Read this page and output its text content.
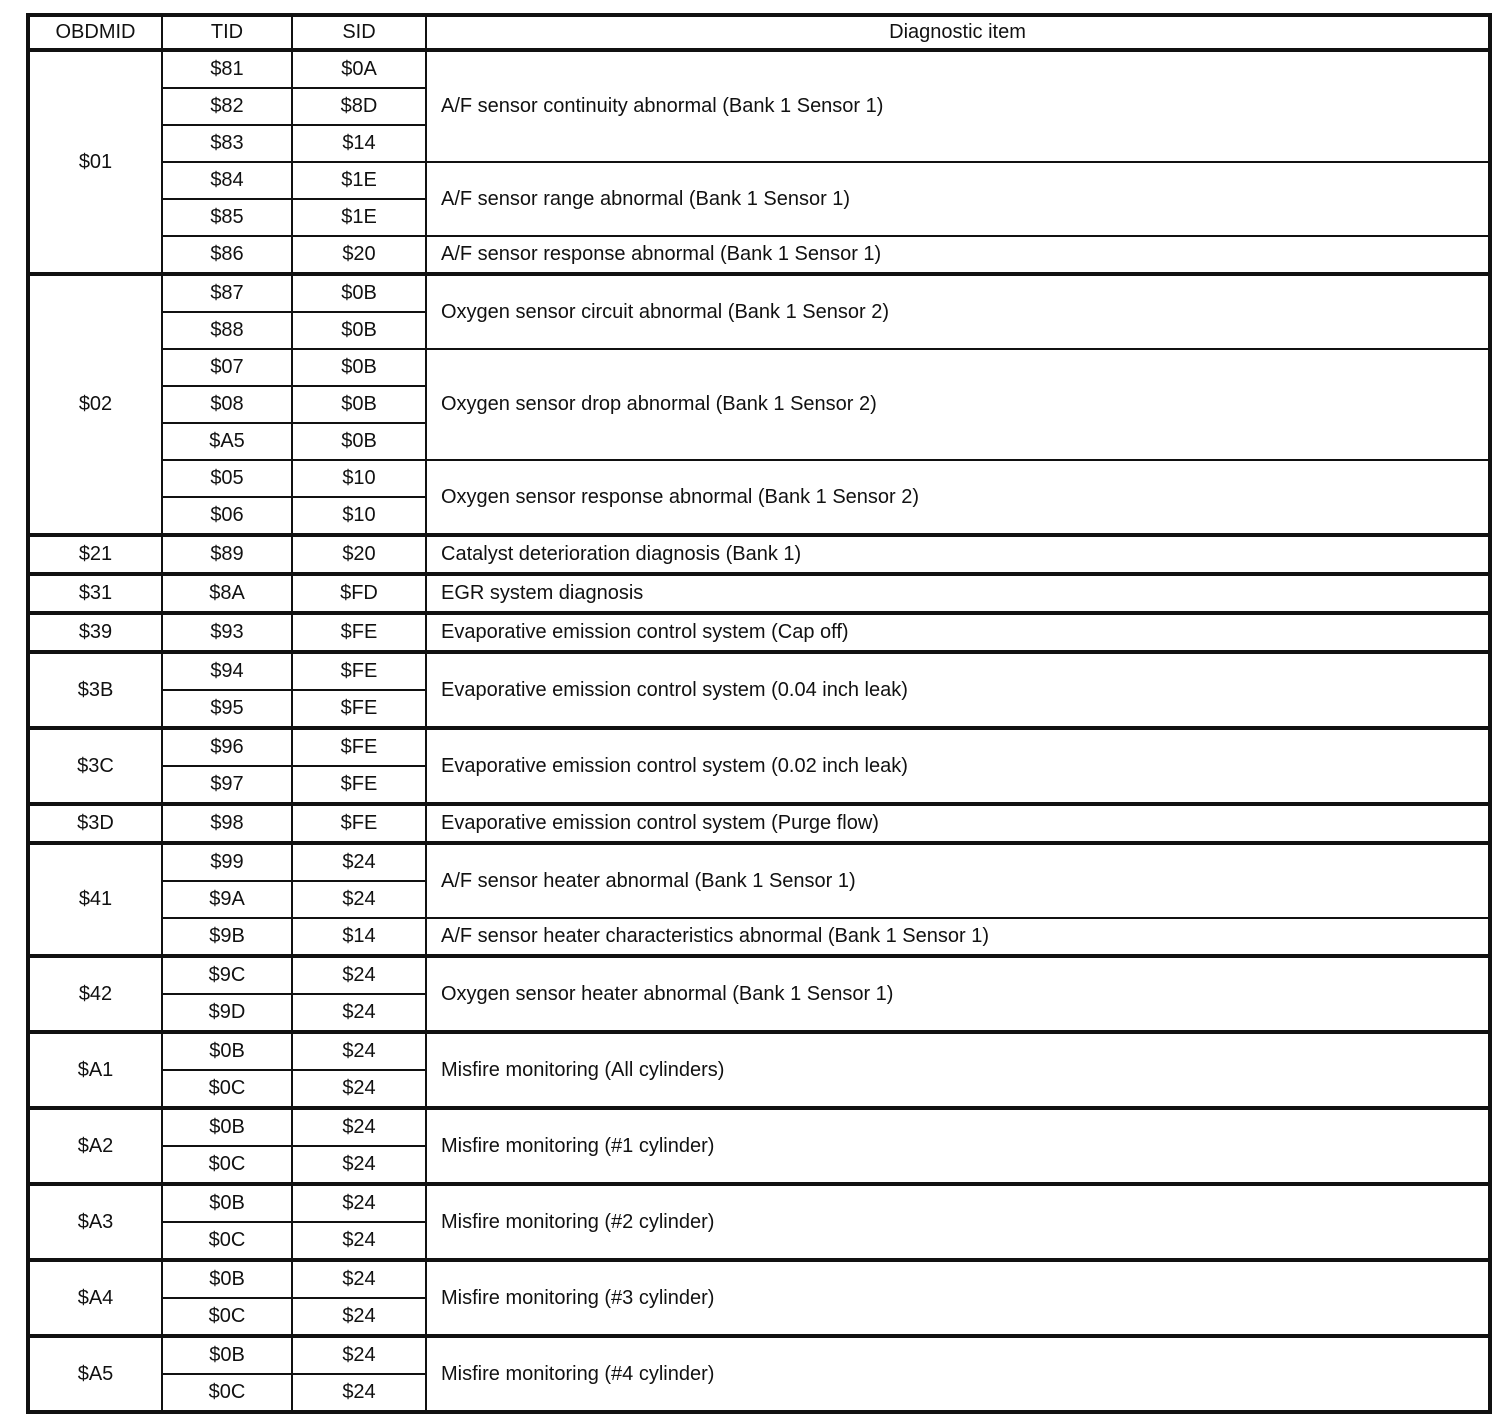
OBDMID	TID	SID	Diagnostic item
$01	$81	$0A	A/F sensor continuity abnormal (Bank 1 Sensor 1)
	$82	$8D	
	$83	$14	
	$84	$1E	A/F sensor range abnormal (Bank 1 Sensor 1)
	$85	$1E	
	$86	$20	A/F sensor response abnormal (Bank 1 Sensor 1)
$02	$87	$0B	Oxygen sensor circuit abnormal (Bank 1 Sensor 2)
	$88	$0B	
	$07	$0B	Oxygen sensor drop abnormal (Bank 1 Sensor 2)
	$08	$0B	
	$A5	$0B	
	$05	$10	Oxygen sensor response abnormal (Bank 1 Sensor 2)
	$06	$10	
$21	$89	$20	Catalyst deterioration diagnosis (Bank 1)
$31	$8A	$FD	EGR system diagnosis
$39	$93	$FE	Evaporative emission control system (Cap off)
$3B	$94	$FE	Evaporative emission control system (0.04 inch leak)
	$95	$FE	
$3C	$96	$FE	Evaporative emission control system (0.02 inch leak)
	$97	$FE	
$3D	$98	$FE	Evaporative emission control system (Purge flow)
$41	$99	$24	A/F sensor heater abnormal (Bank 1 Sensor 1)
	$9A	$24	
	$9B	$14	A/F sensor heater characteristics abnormal (Bank 1 Sensor 1)
$42	$9C	$24	Oxygen sensor heater abnormal (Bank 1 Sensor 1)
	$9D	$24	
$A1	$0B	$24	Misfire monitoring (All cylinders)
	$0C	$24	
$A2	$0B	$24	Misfire monitoring (#1 cylinder)
	$0C	$24	
$A3	$0B	$24	Misfire monitoring (#2 cylinder)
	$0C	$24	
$A4	$0B	$24	Misfire monitoring (#3 cylinder)
	$0C	$24	
$A5	$0B	$24	Misfire monitoring (#4 cylinder)
	$0C	$24	
